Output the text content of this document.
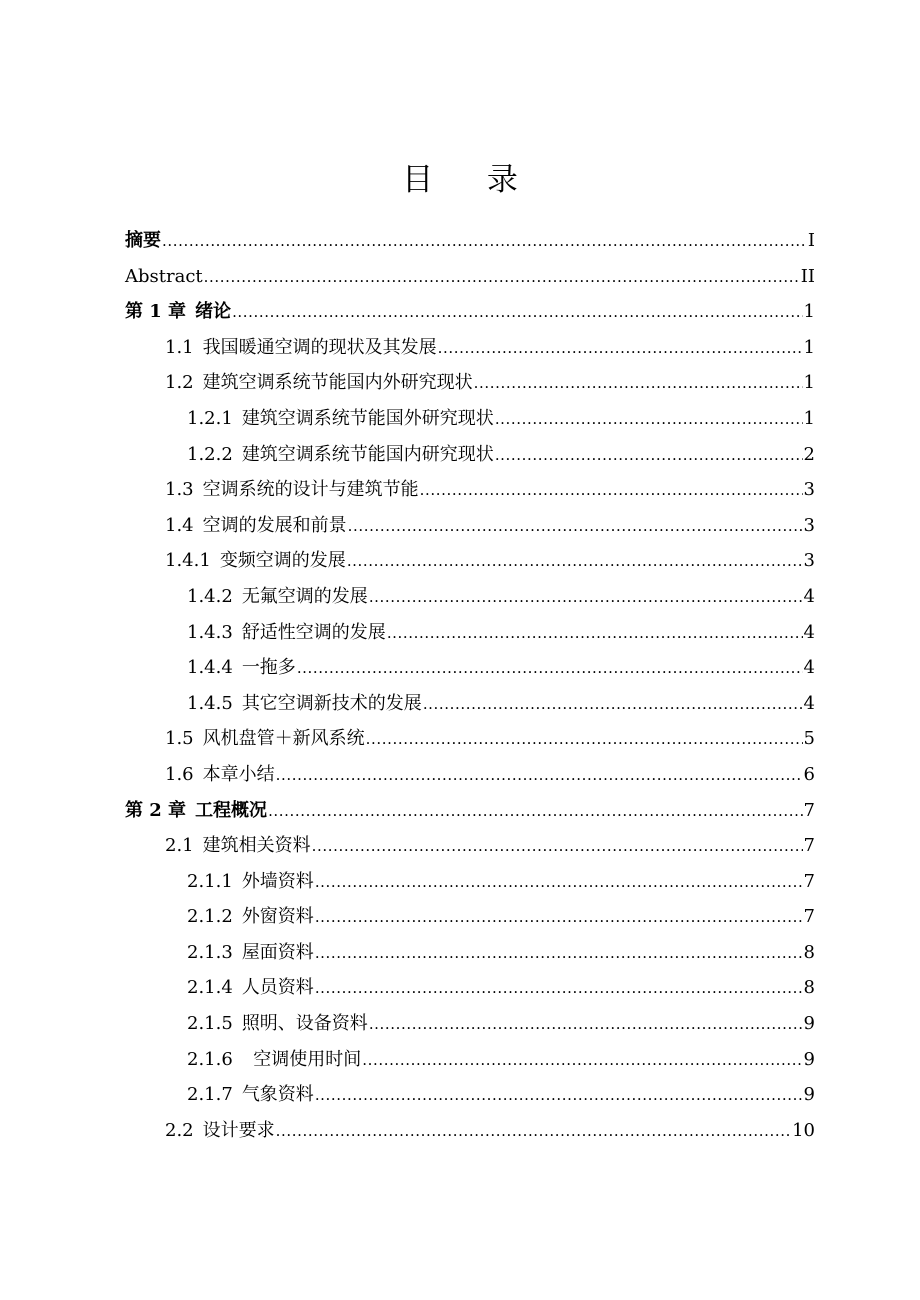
目 录
摘要 .....	I
Abstract .....	II
第 1 章 绪论 .....	1
1.1 我国暖通空调的现状及其发展 .....	1
1.2 建筑空调系统节能国内外研究现状 .....	1
1.2.1 建筑空调系统节能国外研究现状 .....	1
1.2.2 建筑空调系统节能国内研究现状 .....	2
1.3 空调系统的设计与建筑节能 .....	3
1.4 空调的发展和前景 .....	3
1.4.1 变频空调的发展 .....	3
1.4.2 无氟空调的发展 .....	4
1.4.3 舒适性空调的发展 .....	4
1.4.4 一拖多 .....	4
1.4.5 其它空调新技术的发展 .....	4
1.5 风机盘管＋新风系统 .....	5
1.6 本章小结 .....	6
第 2 章 工程概况 .....	7
2.1 建筑相关资料 .....	7
2.1.1 外墙资料 .....	7
2.1.2 外窗资料 .....	7
2.1.3 屋面资料 .....	8
2.1.4 人员资料 .....	8
2.1.5 照明、设备资料 .....	9
2.1.6  空调使用时间 .....	9
2.1.7 气象资料 .....	9
2.2 设计要求 .....	10
